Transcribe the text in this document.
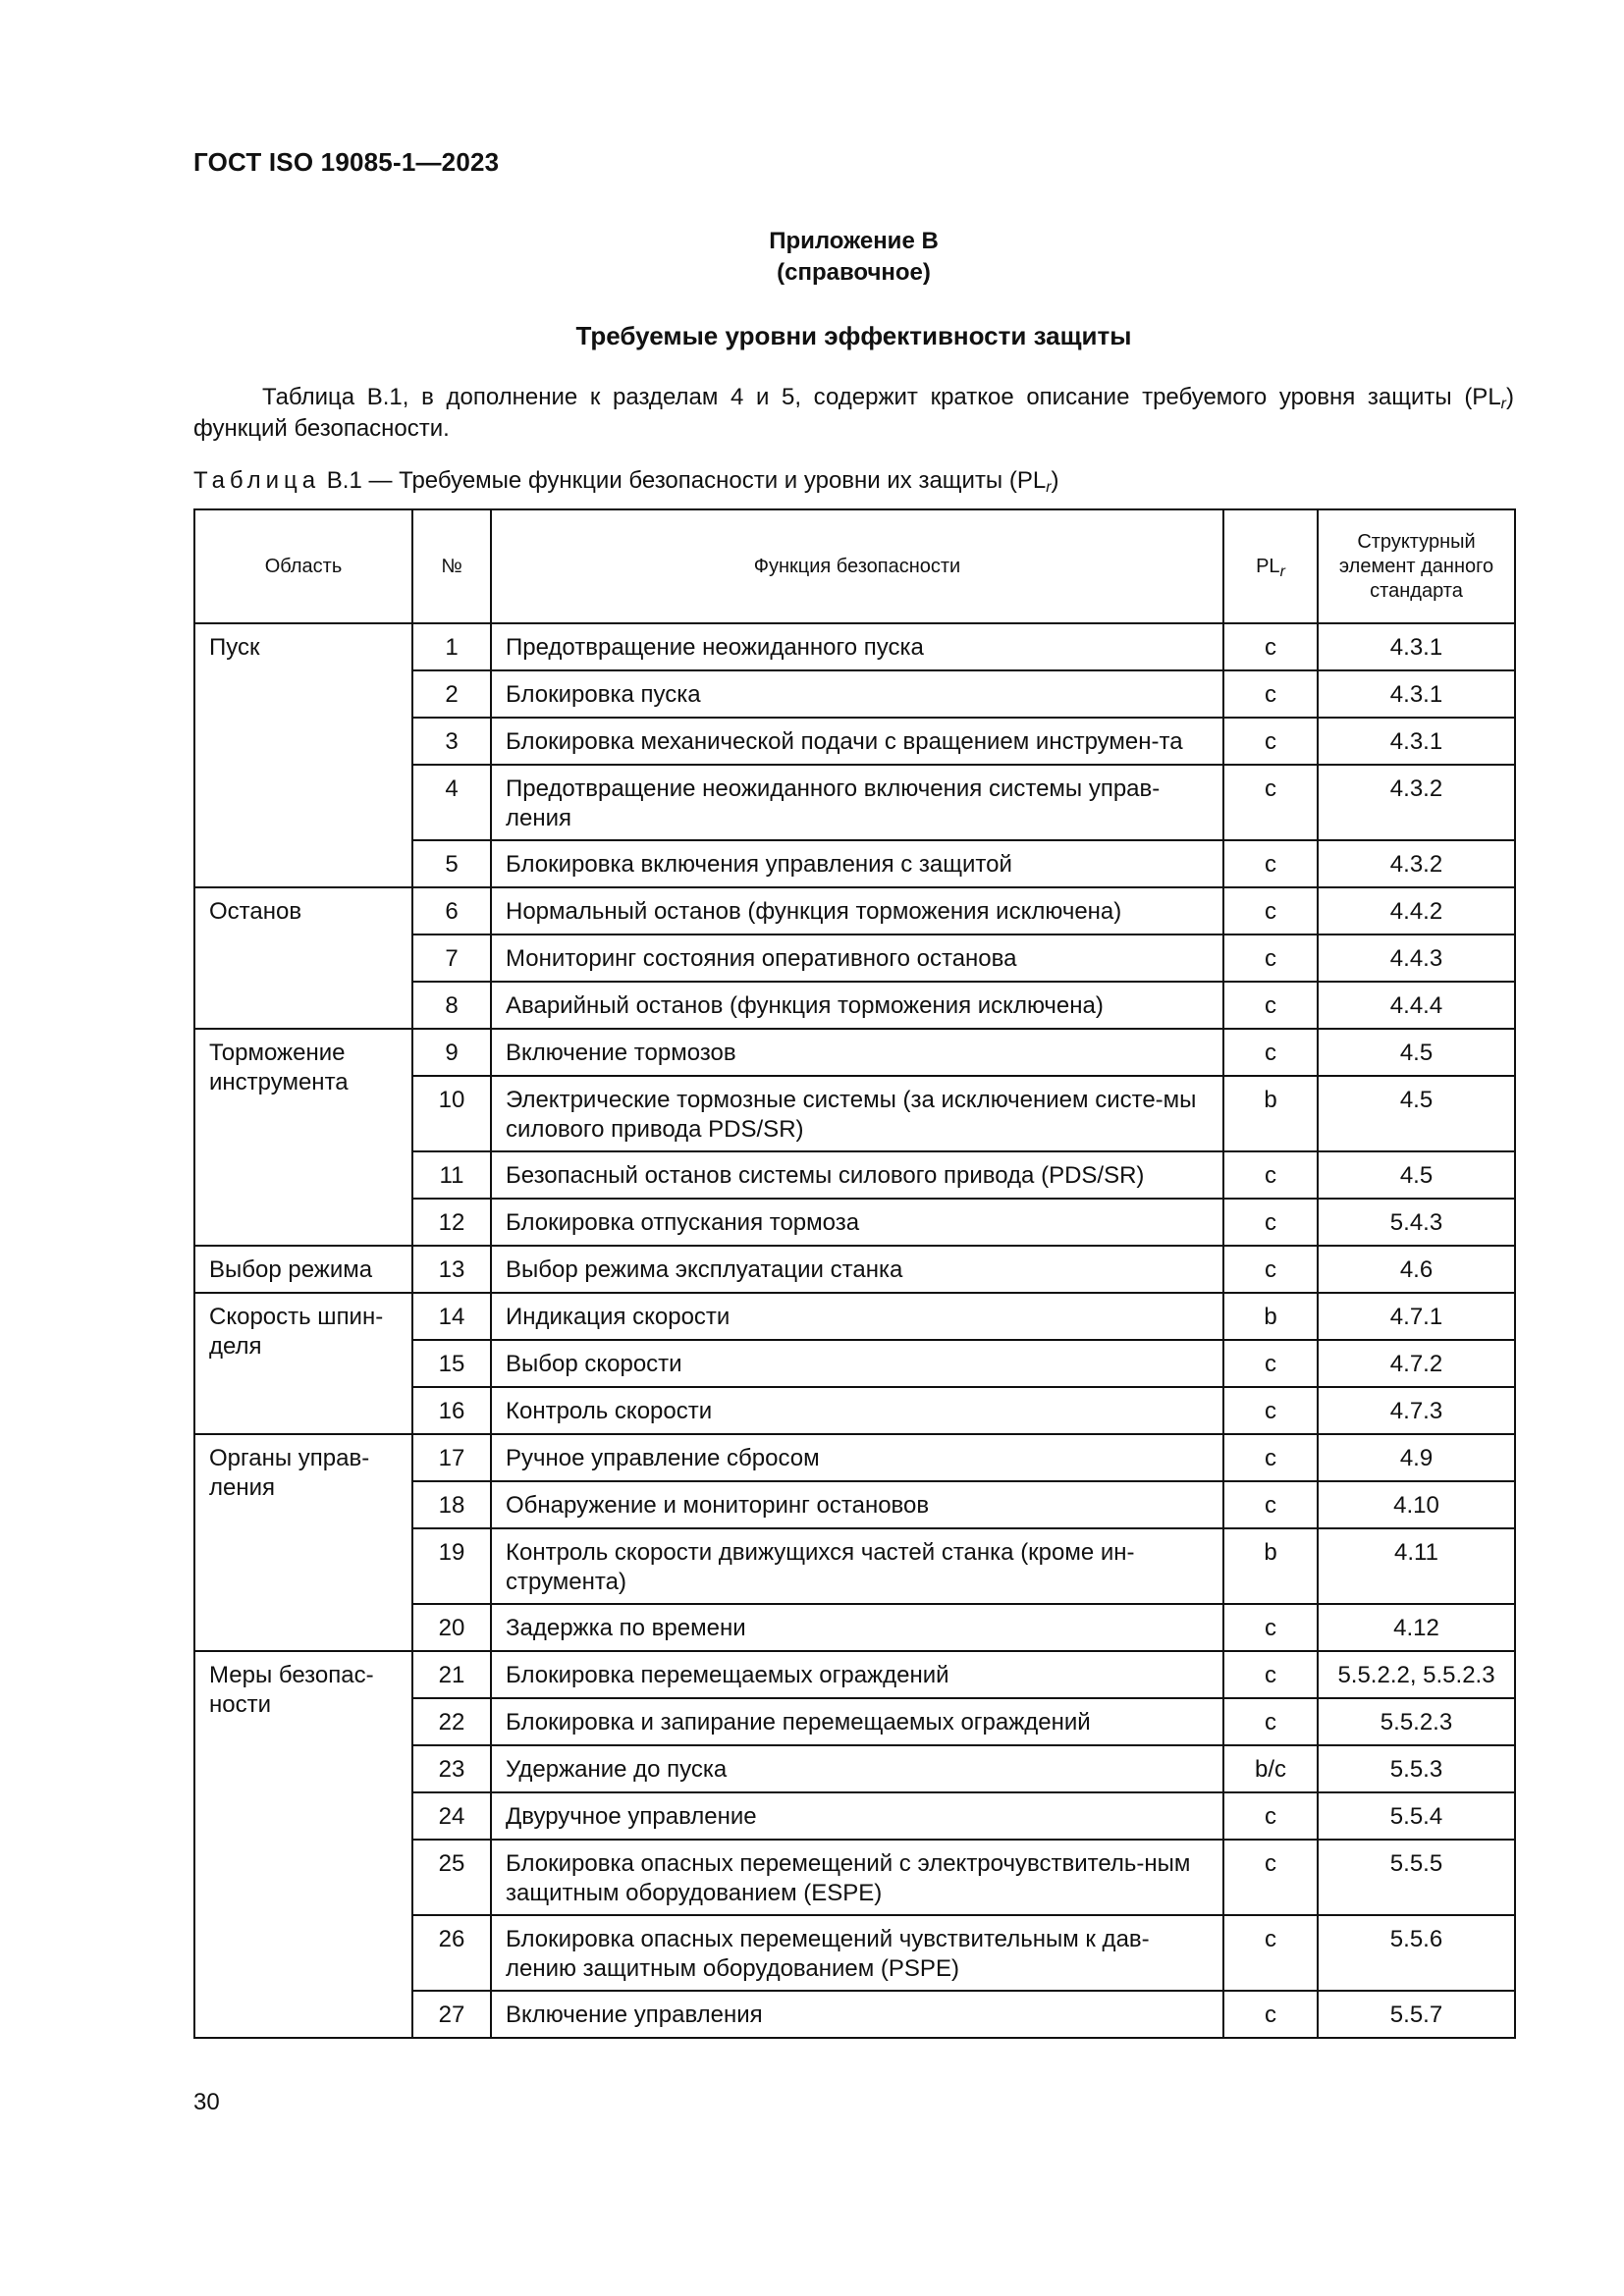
ГОСТ ISO 19085-1—2023
Приложение В
(справочное)
Требуемые уровни эффективности защиты
Таблица В.1, в дополнение к разделам 4 и 5, содержит краткое описание требуемого уровня защиты $(PL_r)$ функций безопасности.
Таблица В.1 — Требуемые функции безопасности и уровни их защиты $(PL_r)$
Область	№	Функция безопасности	$PL_r$	Структурный элемент данного стандарта
Пуск	1	Предотвращение неожиданного пуска	c	4.3.1
	2	Блокировка пуска	c	4.3.1
	3	Блокировка механической подачи с вращением инструмен-та	c	4.3.1
	4	Предотвращение неожиданного включения системы управ-ления	c	4.3.2
	5	Блокировка включения управления с защитой	c	4.3.2
Останов	6	Нормальный останов (функция торможения исключена)	c	4.4.2
	7	Мониторинг состояния оперативного останова	c	4.4.3
	8	Аварийный останов (функция торможения исключена)	c	4.4.4
Торможение инструмента	9	Включение тормозов	c	4.5
	10	Электрические тормозные системы (за исключением систе-мы силового привода PDS/SR)	b	4.5
	11	Безопасный останов системы силового привода (PDS/SR)	c	4.5
	12	Блокировка отпускания тормоза	c	5.4.3
Выбор режима	13	Выбор режима эксплуатации станка	c	4.6
Скорость шпин-деля	14	Индикация скорости	b	4.7.1
	15	Выбор скорости	c	4.7.2
	16	Контроль скорости	c	4.7.3
Органы управ-ления	17	Ручное управление сбросом	c	4.9
	18	Обнаружение и мониторинг остановов	c	4.10
	19	Контроль скорости движущихся частей станка (кроме ин-струмента)	b	4.11
	20	Задержка по времени	c	4.12
Меры безопас-ности	21	Блокировка перемещаемых ограждений	c	5.5.2.2, 5.5.2.3
	22	Блокировка и запирание перемещаемых ограждений	c	5.5.2.3
	23	Удержание до пуска	b/c	5.5.3
	24	Двуручное управление	c	5.5.4
	25	Блокировка опасных перемещений с электрочувствитель-ным защитным оборудованием (ESPE)	c	5.5.5
	26	Блокировка опасных перемещений чувствительным к дав-лению защитным оборудованием (PSPE)	c	5.5.6
	27	Включение управления	c	5.5.7
30
